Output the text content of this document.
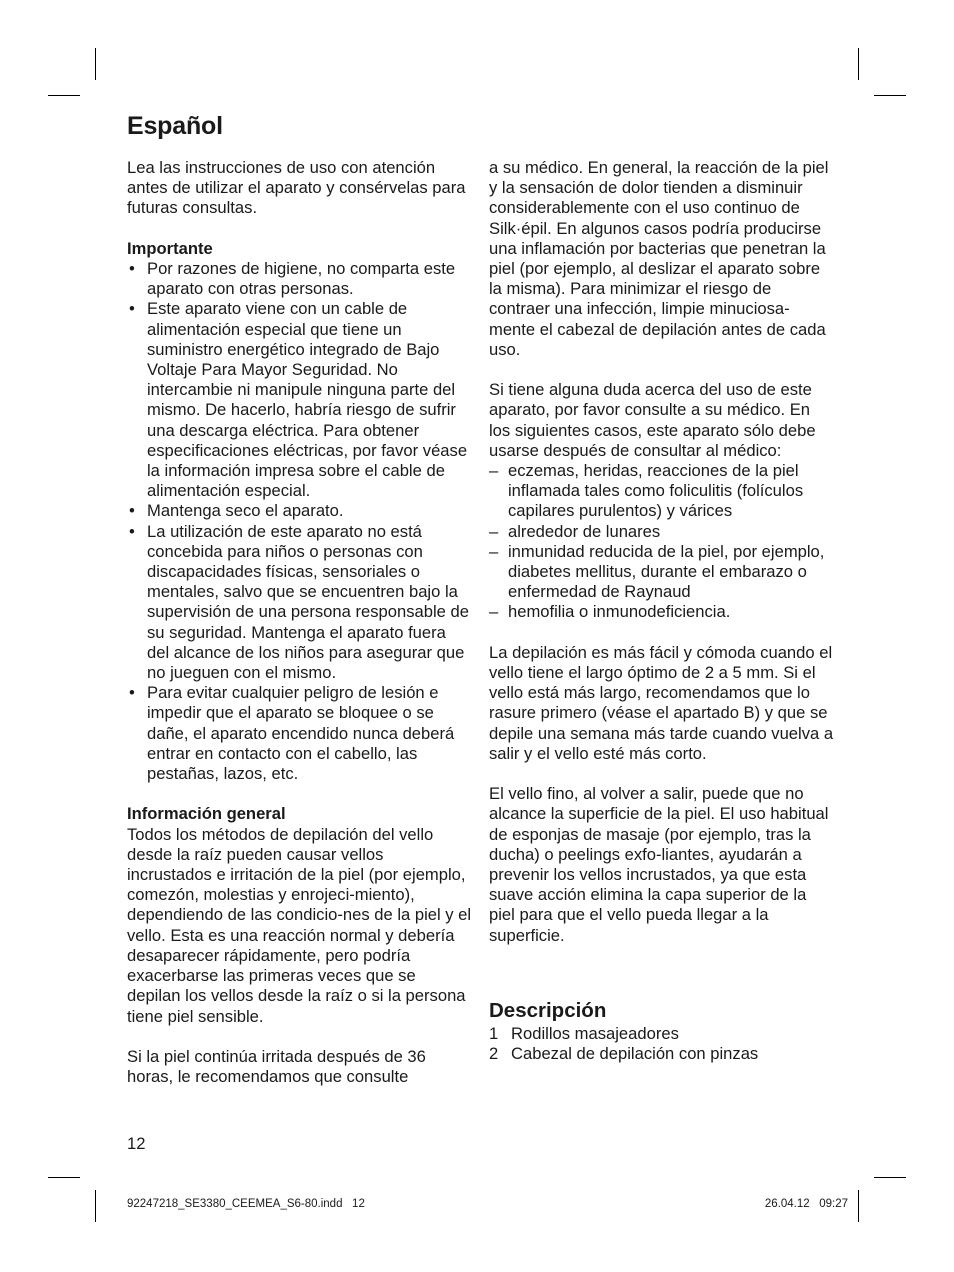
Español

Lea las instrucciones de uso con atención antes de utilizar el aparato y consérvelas para futuras consultas.

Importante
• Por razones de higiene, no comparta este aparato con otras personas.
• Este aparato viene con un cable de alimentación especial que tiene un suministro energético integrado de Bajo Voltaje Para Mayor Seguridad. No intercambie ni manipule ninguna parte del mismo. De hacerlo, habría riesgo de sufrir una descarga eléctrica. Para obtener especificaciones eléctricas, por favor véase la información impresa sobre el cable de alimentación especial.
• Mantenga seco el aparato.
• La utilización de este aparato no está concebida para niños o personas con discapacidades físicas, sensoriales o mentales, salvo que se encuentren bajo la supervisión de una persona responsable de su seguridad. Mantenga el aparato fuera del alcance de los niños para asegurar que no jueguen con el mismo.
• Para evitar cualquier peligro de lesión e impedir que el aparato se bloquee o se dañe, el aparato encendido nunca deberá entrar en contacto con el cabello, las pestañas, lazos, etc.
Información general

Todos los métodos de depilación del vello desde la raíz pueden causar vellos incrustados e irritación de la piel (por ejemplo, comezón, molestias y enrojeci-miento), dependiendo de las condicio-nes de la piel y el vello. Esta es una reacción normal y debería desaparecer rápidamente, pero podría exacerbarse las primeras veces que se depilan los vellos desde la raíz o si la persona tiene piel sensible.

Si la piel continúa irritada después de 36 horas, le recomendamos que consulte

a su médico. En general, la reacción de la piel y la sensación de dolor tienden a disminuir considerablemente con el uso continuo de Silk·épil. En algunos casos podría producirse una inflamación por bacterias que penetran la piel (por ejemplo, al deslizar el aparato sobre la misma). Para minimizar el riesgo de contraer una infección, limpie minuciosa-mente el cabezal de depilación antes de cada uso.

Si tiene alguna duda acerca del uso de este aparato, por favor consulte a su médico. En los siguientes casos, este aparato sólo debe usarse después de consultar al médico:

– eczemas, heridas, reacciones de la piel inflamada tales como foliculitis (folículos capilares purulentos) y várices
– alrededor de lunares
– inmunidad reducida de la piel, por ejemplo, diabetes mellitus, durante el embarazo o enfermedad de Raynaud
– hemofilia o inmunodeficiencia.

La depilación es más fácil y cómoda cuando el vello tiene el largo óptimo de 2 a 5 mm. Si el vello está más largo, recomendamos que lo rasure primero (véase el apartado B) y que se depile una semana más tarde cuando vuelva a salir y el vello esté más corto.

El vello fino, al volver a salir, puede que no alcance la superficie de la piel. El uso habitual de esponjas de masaje (por ejemplo, tras la ducha) o peelings exfo-liantes, ayudarán a prevenir los vellos incrustados, ya que esta suave acción elimina la capa superior de la piel para que el vello pueda llegar a la superficie.

Descripción
1 Rodillos masajeadores
2 Cabezal de depilación con pinzas
12
92247218_SE3380_CEEMEA_S6-80.indd   12	26.04.12   09:27
